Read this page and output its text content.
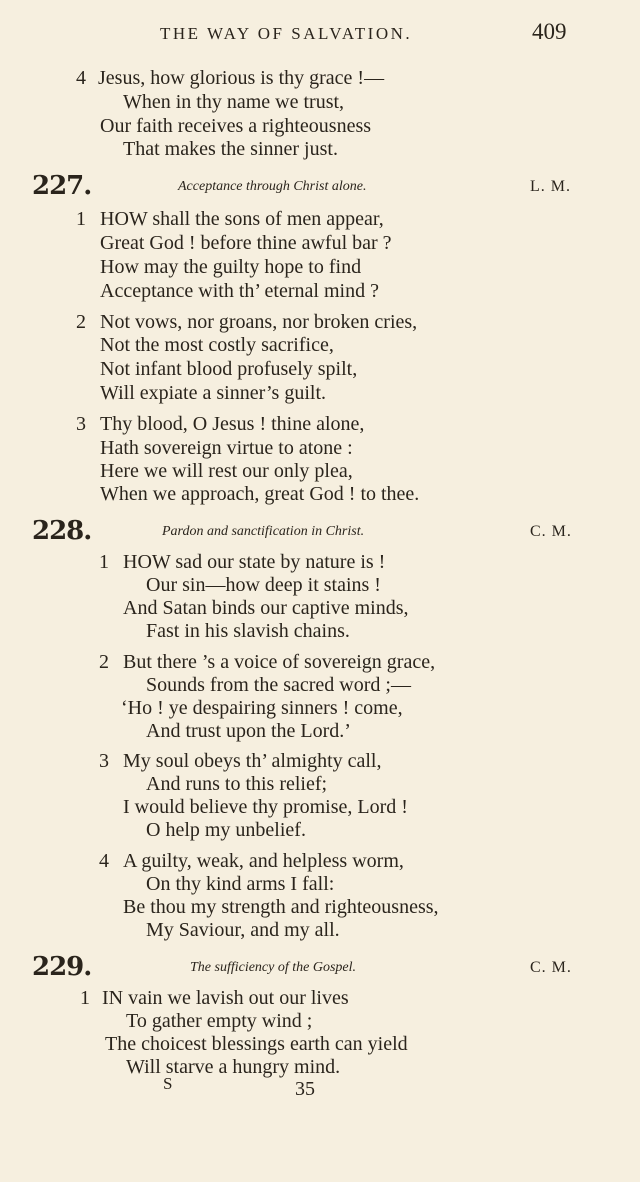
THE WAY OF SALVATION.	409
4 Jesus, how glorious is thy grace !—
When in thy name we trust,
Our faith receives a righteousness
That makes the sinner just.
227.	Acceptance through Christ alone.	L. M.
1 HOW shall the sons of men appear,
Great God ! before thine awful bar ?
How may the guilty hope to find
Acceptance with th’ eternal mind ?
2 Not vows, nor groans, nor broken cries,
Not the most costly sacrifice,
Not infant blood profusely spilt,
Will expiate a sinner’s guilt.
3 Thy blood, O Jesus ! thine alone,
Hath sovereign virtue to atone :
Here we will rest our only plea,
When we approach, great God ! to thee.
228.	Pardon and sanctification in Christ.	C. M.
1 HOW sad our state by nature is !
Our sin—how deep it stains !
And Satan binds our captive minds,
Fast in his slavish chains.
2 But there ’s a voice of sovereign grace,
Sounds from the sacred word ;—
‘Ho ! ye despairing sinners ! come,
And trust upon the Lord.’
3 My soul obeys th’ almighty call,
And runs to this relief;
I would believe thy promise, Lord !
O help my unbelief.
4 A guilty, weak, and helpless worm,
On thy kind arms I fall:
Be thou my strength and righteousness,
My Saviour, and my all.
229.	The sufficiency of the Gospel.	C. M.
1 IN vain we lavish out our lives
To gather empty wind ;
The choicest blessings earth can yield
Will starve a hungry mind.
S	35
